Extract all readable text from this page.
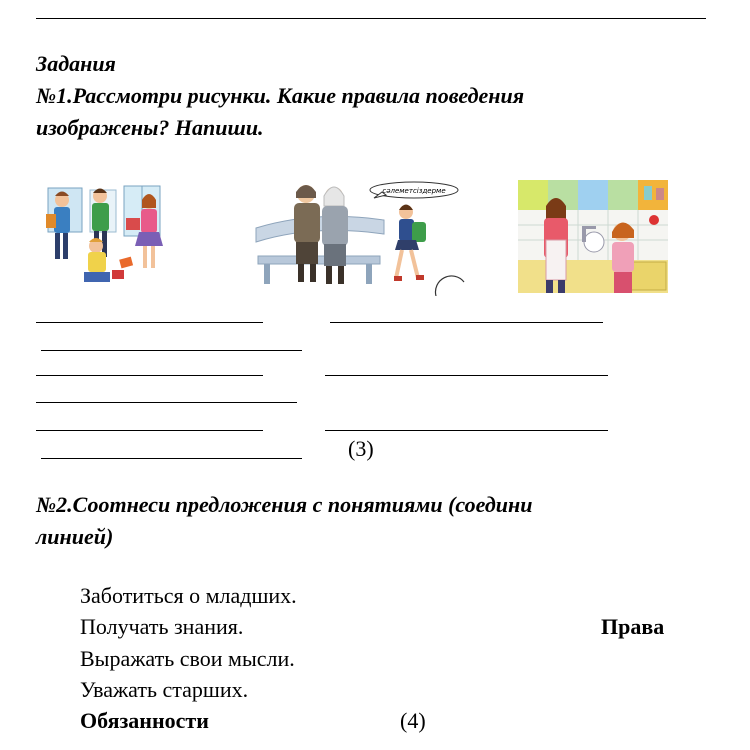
Задания
№1.Рассмотри рисунки. Какие правила поведения
изображены? Напиши.
сәлеметсіздерме
(3)
№2.Соотнеси предложения с понятиями (соедини
линией)
Заботиться о младших.
Получать знания.
Выражать свои мысли.
Уважать старших.
Права
Обязанности	(4)
